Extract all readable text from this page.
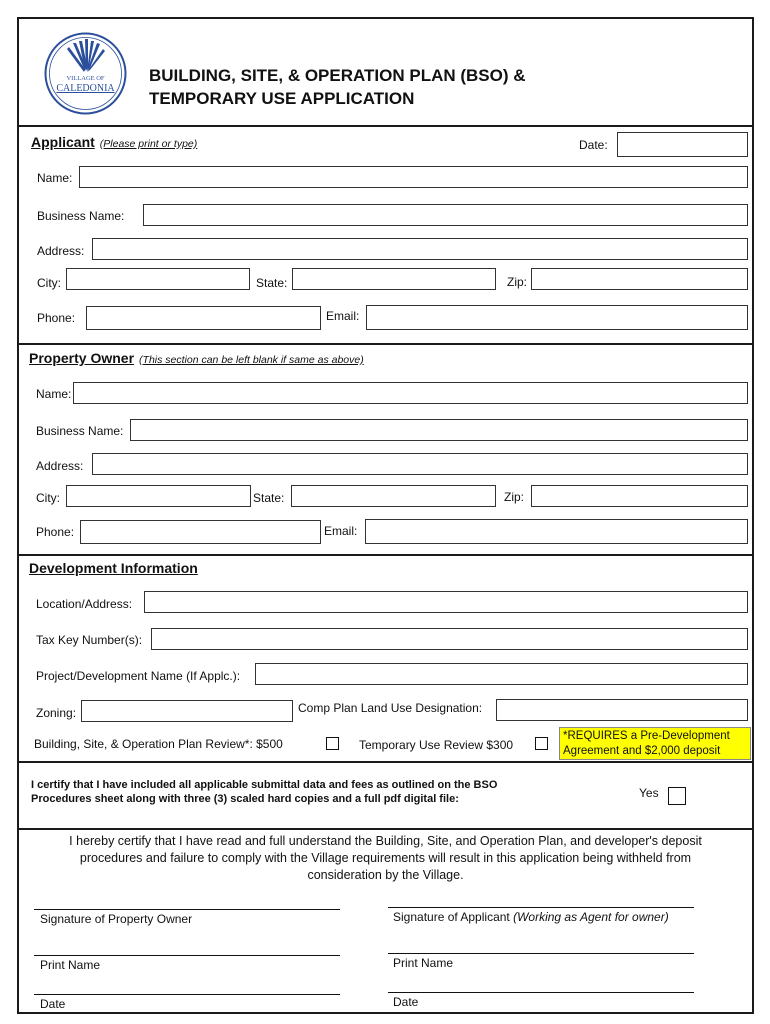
VILLAGE OF
CALEDONIA
BUILDING, SITE, & OPERATION PLAN (BSO) &
TEMPORARY USE APPLICATION
Applicant (Please print or type)	Date:
Name:
Business Name:
Address:
City:	State:	Zip:
Phone:	Email:
Property Owner (This section can be left blank if same as above)
Name:
Business Name:
Address:
City:	State:	Zip:
Phone:	Email:
Development Information
Location/Address:
Tax Key Number(s):
Project/Development Name (If Applc.):
Zoning:	Comp Plan Land Use Designation:
Building, Site, & Operation Plan Review*: $500	Temporary Use Review $300
*REQUIRES a Pre-Development
Agreement and $2,000 deposit
I certify that I have included all applicable submittal data and fees as outlined on the BSO
Procedures sheet along with three (3) scaled hard copies and a full pdf digital file:	Yes
I hereby certify that I have read and full understand the Building, Site, and Operation Plan, and developer's deposit
procedures and failure to comply with the Village requirements will result in this application being withheld from
consideration by the Village.
Signature of Property Owner	Signature of Applicant (Working as Agent for owner)
Print Name	Print Name
Date	Date
